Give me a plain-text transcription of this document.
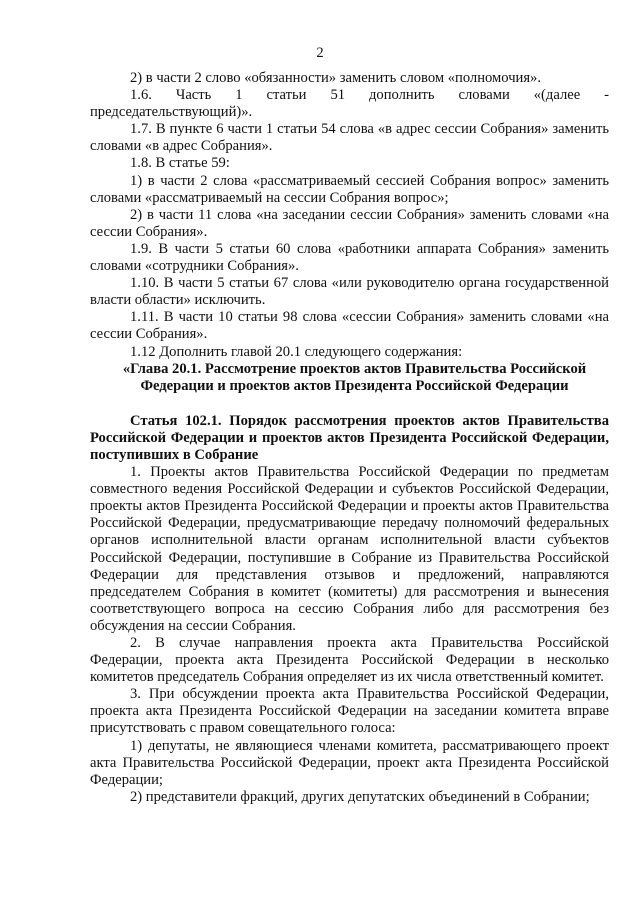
2

2) в части 2 слово «обязанности» заменить словом «полномочия».

1.6. Часть 1 статьи 51 дополнить словами «(далее - председательствующий)».

1.7. В пункте 6 части 1 статьи 54 слова «в адрес сессии Собрания» заменить словами «в адрес Собрания».

1.8. В статье 59:

1) в части 2 слова «рассматриваемый сессией Собрания вопрос» заменить словами «рассматриваемый на сессии Собрания вопрос»;

2) в части 11 слова «на заседании сессии Собрания» заменить словами «на сессии Собрания».

1.9. В части 5 статьи 60 слова «работники аппарата Собрания» заменить словами «сотрудники Собрания».

1.10. В части 5 статьи 67 слова «или руководителю органа государственной власти области» исключить.

1.11. В части 10 статьи 98 слова «сессии Собрания» заменить словами «на сессии Собрания».

1.12 Дополнить главой 20.1 следующего содержания:

«Глава 20.1. Рассмотрение проектов актов Правительства Российской Федерации и проектов актов Президента Российской Федерации

Статья 102.1. Порядок рассмотрения проектов актов Правительства Российской Федерации и проектов актов Президента Российской Федерации, поступивших в Собрание

1. Проекты актов Правительства Российской Федерации по предметам совместного ведения Российской Федерации и субъектов Российской Федерации, проекты актов Президента Российской Федерации и проекты актов Правительства Российской Федерации, предусматривающие передачу полномочий федеральных органов исполнительной власти органам исполнительной власти субъектов Российской Федерации, поступившие в Собрание из Правительства Российской Федерации для представления отзывов и предложений, направляются председателем Собрания в комитет (комитеты) для рассмотрения и вынесения соответствующего вопроса на сессию Собрания либо для рассмотрения без обсуждения на сессии Собрания.

2. В случае направления проекта акта Правительства Российской Федерации, проекта акта Президента Российской Федерации в несколько комитетов председатель Собрания определяет из их числа ответственный комитет.

3. При обсуждении проекта акта Правительства Российской Федерации, проекта акта Президента Российской Федерации на заседании комитета вправе присутствовать с правом совещательного голоса:

1) депутаты, не являющиеся членами комитета, рассматривающего проект акта Правительства Российской Федерации, проект акта Президента Российской Федерации;

2) представители фракций, других депутатских объединений в Собрании;
